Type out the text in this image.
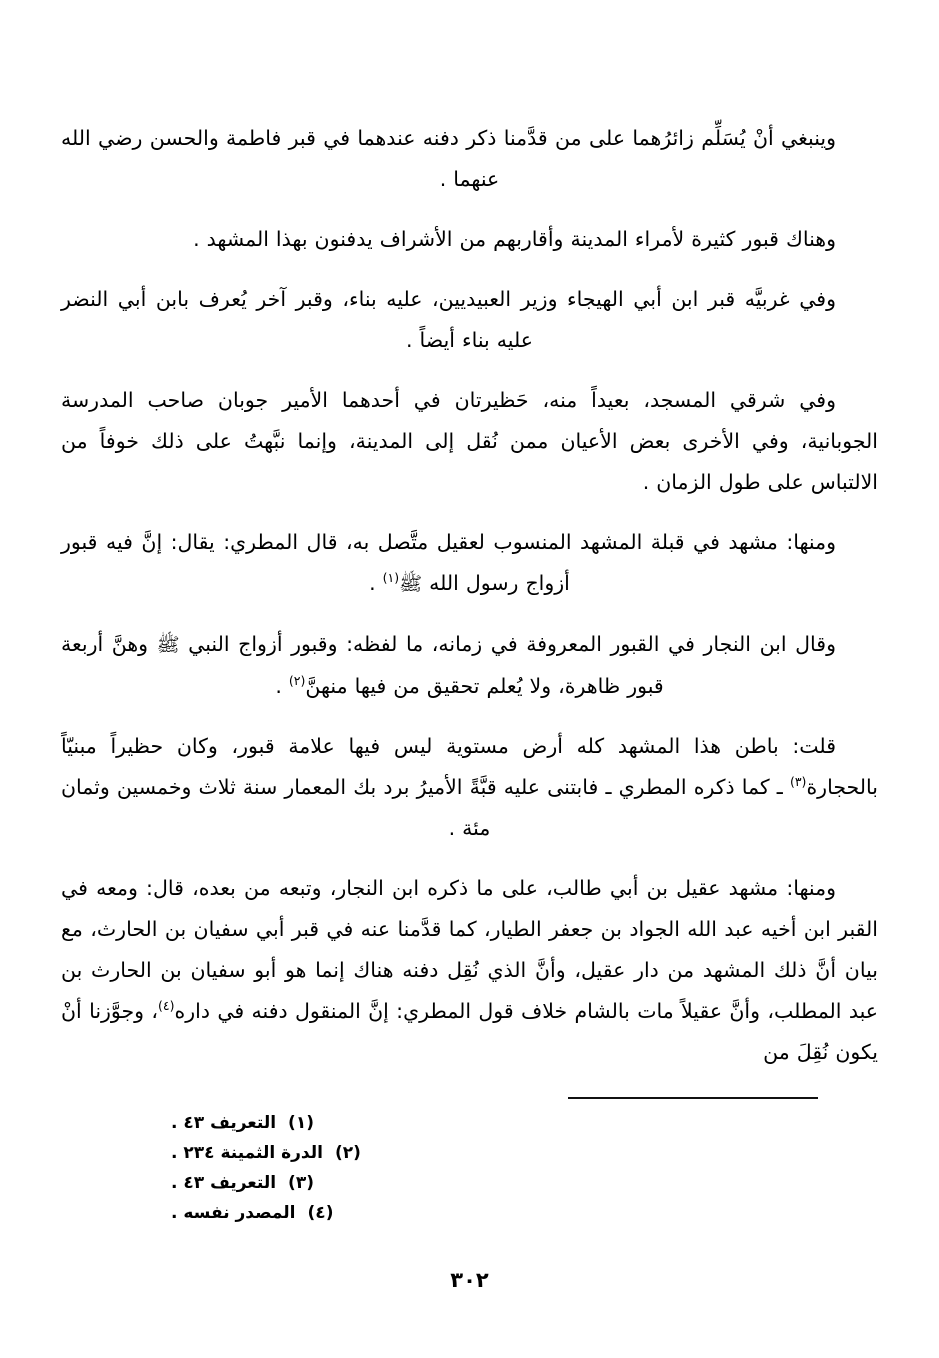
وينبغي أنْ يُسَلِّم زائرُهما على من قدَّمنا ذكر دفنه عندهما في قبر فاطمة والحسن رضي الله عنهما .

وهناك قبور كثيرة لأمراء المدينة وأقاربهم من الأشراف يدفنون بهذا المشهد .

وفي غربيَّه قبر ابن أبي الهيجاء وزير العبيديين، عليه بناء، وقبر آخر يُعرف بابن أبي النضر عليه بناء أيضاً .

وفي شرقي المسجد، بعيداً منه، حَظيرتان في أحدهما الأمير جوبان صاحب المدرسة الجوبانية، وفي الأخرى بعض الأعيان ممن نُقل إلى المدينة، وإنما نبَّهتُ على ذلك خوفاً من الالتباس على طول الزمان .

ومنها: مشهد في قبلة المشهد المنسوب لعقيل متَّصل به، قال المطري: يقال: إنَّ فيه قبور أزواج رسول الله ﷺ$^{(١)}$ .

وقال ابن النجار في القبور المعروفة في زمانه، ما لفظه: وقبور أزواج النبي ﷺ وهنَّ أربعة قبور ظاهرة، ولا يُعلم تحقيق من فيها منهنَّ$^{(٢)}$ .

قلت: باطن هذا المشهد كله أرض مستوية ليس فيها علامة قبور، وكان حظيراً مبنيّاً بالحجارة$^{(٣)}$ ـ كما ذكره المطري ـ فابتنى عليه قبَّةً الأميرُ برد بك المعمار سنة ثلاث وخمسين وثمان مئة .

ومنها: مشهد عقيل بن أبي طالب، على ما ذكره ابن النجار، وتبعه من بعده، قال: ومعه في القبر ابن أخيه عبد الله الجواد بن جعفر الطيار، كما قدَّمنا عنه في قبر أبي سفيان بن الحارث، مع بيان أنَّ ذلك المشهد من دار عقيل، وأنَّ الذي نُقِل دفنه هناك إنما هو أبو سفيان بن الحارث بن عبد المطلب، وأنَّ عقيلاً مات بالشام خلاف قول المطري: إنَّ المنقول دفنه في داره$^{(٤)}$، وجوَّزنا أنْ يكون نُقِلَ من

(١)التعريف ٤٣ .

(٢)الدرة الثمينة ٢٣٤ .

(٣)التعريف ٤٣ .

(٤)المصدر نفسه .

٣٠٢
